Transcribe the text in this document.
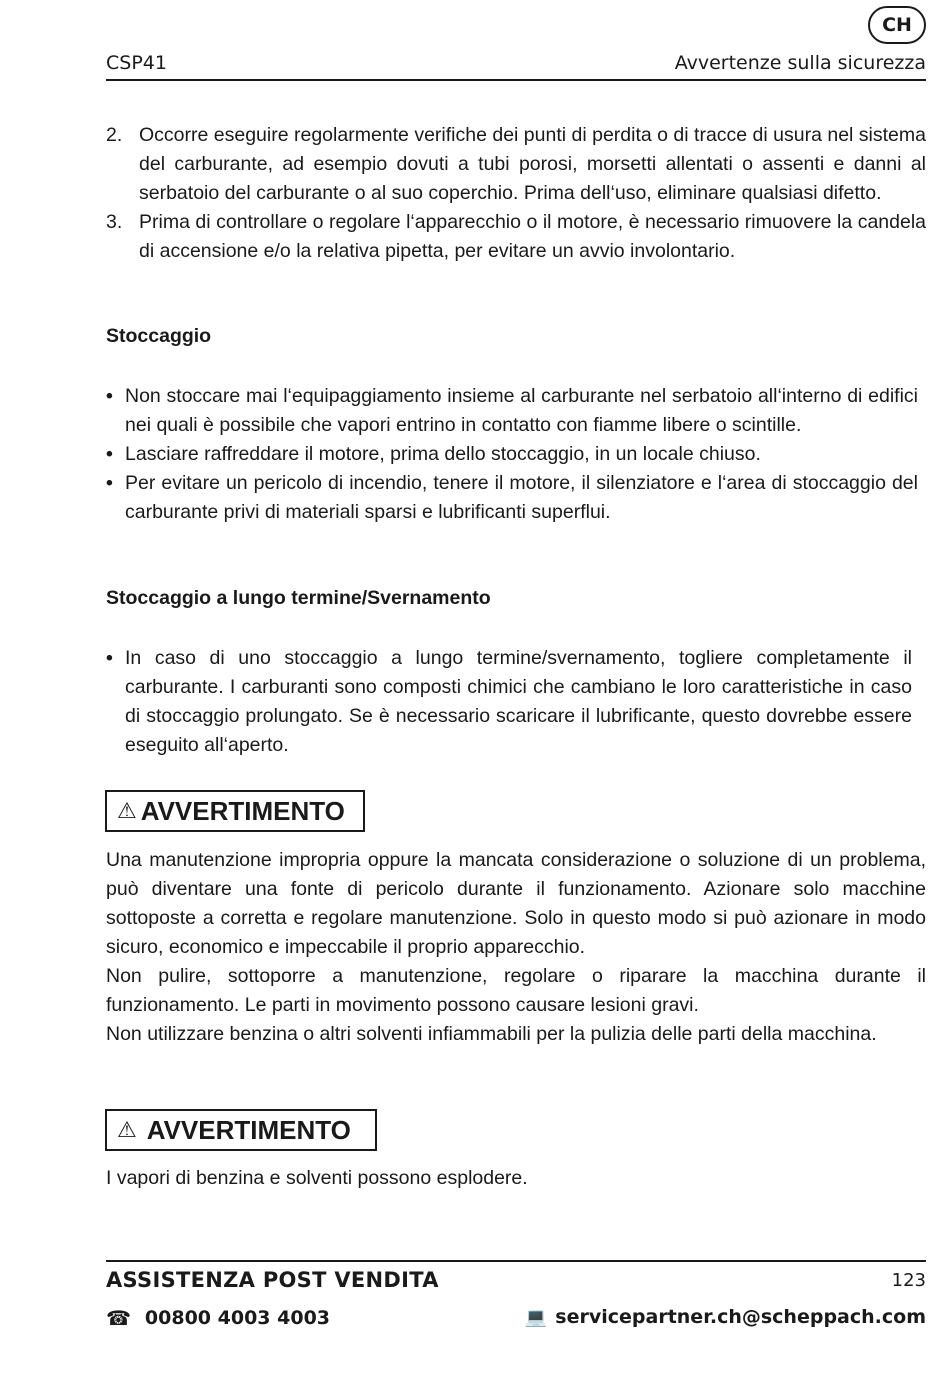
CH
CSP41	Avvertenze sulla sicurezza
2. Occorre eseguire regolarmente verifiche dei punti di perdita o di tracce di usura nel sistema del carburante, ad esempio dovuti a tubi porosi, morsetti allentati o assenti e danni al serbatoio del carburante o al suo coperchio. Prima dell‘uso, eliminare qualsiasi difetto.
3. Prima di controllare o regolare l‘apparecchio o il motore, è necessario rimuovere la candela di accensione e/o la relativa pipetta, per evitare un avvio involontario.
Stoccaggio
• Non stoccare mai l‘equipaggiamento insieme al carburante nel serbatoio all‘interno di edifici nei quali è possibile che vapori entrino in contatto con fiamme libere o scintille.
• Lasciare raffreddare il motore, prima dello stoccaggio, in un locale chiuso.
• Per evitare un pericolo di incendio, tenere il motore, il silenziatore e l‘area di stoccaggio del carburante privi di materiali sparsi e lubrificanti superflui.
Stoccaggio a lungo termine/Svernamento
• In caso di uno stoccaggio a lungo termine/svernamento, togliere completamente il carburante. I carburanti sono composti chimici che cambiano le loro caratteristiche in caso di stoccaggio prolungato. Se è necessario scaricare il lubrificante, questo dovrebbe essere eseguito all‘aperto.
⚠ AVVERTIMENTO
Una manutenzione impropria oppure la mancata considerazione o soluzione di un problema, può diventare una fonte di pericolo durante il funzionamento. Azionare solo macchine sottoposte a corretta e regolare manutenzione. Solo in questo modo si può azionare in modo sicuro, economico e impeccabile il proprio apparecchio.
Non pulire, sottoporre a manutenzione, regolare o riparare la macchina durante il funzionamento. Le parti in movimento possono causare lesioni gravi.
Non utilizzare benzina o altri solventi infiammabili per la pulizia delle parti della macchina.
⚠ AVVERTIMENTO
I vapori di benzina e solventi possono esplodere.
ASSISTENZA POST VENDITA	123
☎ 00800 4003 4003	💻 servicepartner.ch@scheppach.com
